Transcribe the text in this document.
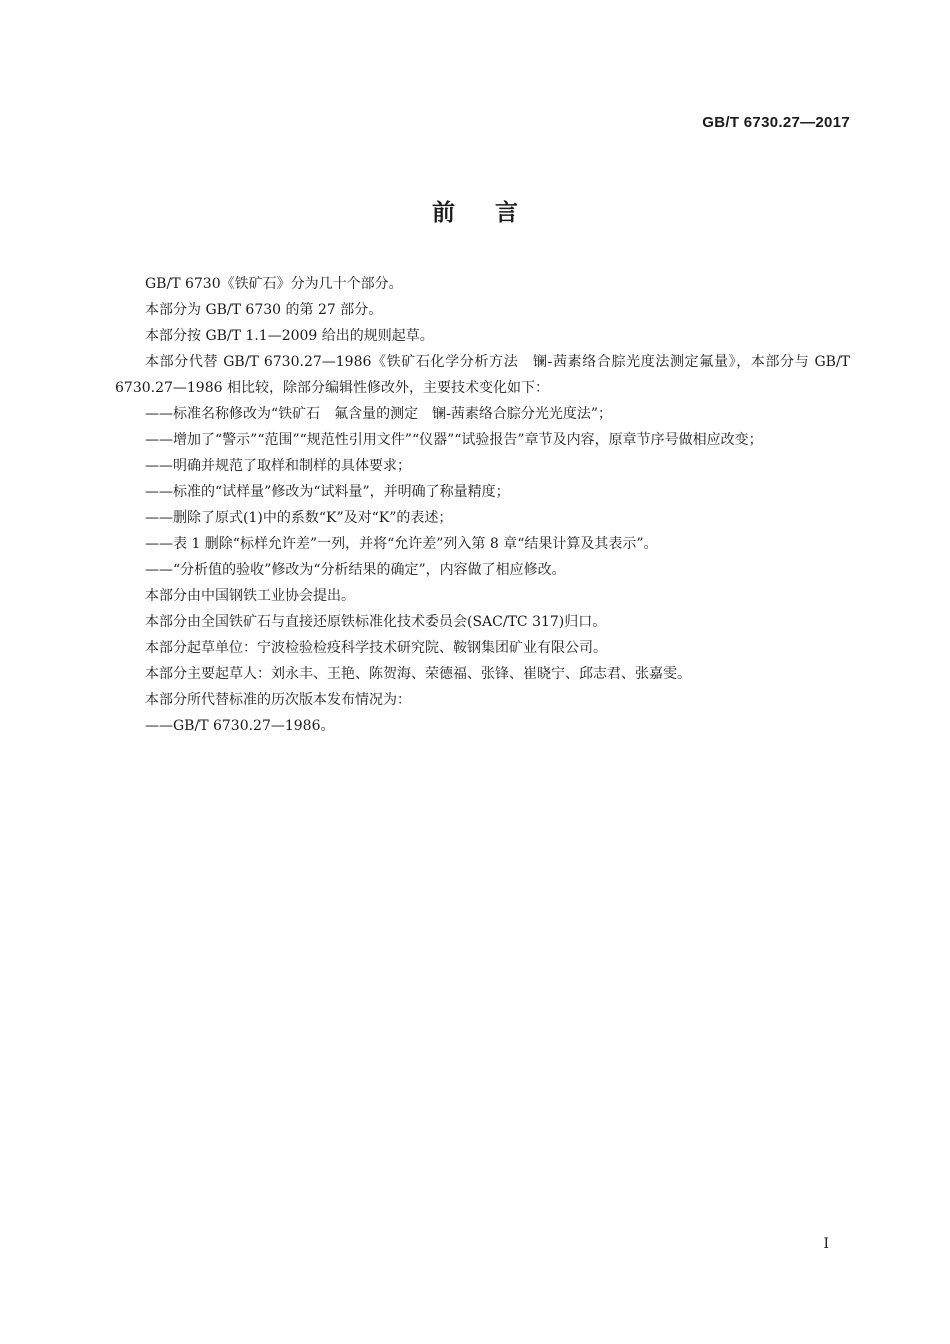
GB/T 6730.27—2017
前言

GB/T 6730《铁矿石》分为几十个部分。

本部分为 GB/T 6730 的第 27 部分。

本部分按 GB/T 1.1—2009 给出的规则起草。

本部分代替 GB/T 6730.27—1986《铁矿石化学分析方法　镧-茜素络合腙光度法测定氟量》，本部分与 GB/T 6730.27—1986 相比较，除部分编辑性修改外，主要技术变化如下：

——标准名称修改为“铁矿石　氟含量的测定　镧-茜素络合腙分光光度法”；

——增加了“警示”“范围”“规范性引用文件”“仪器”“试验报告”章节及内容，原章节序号做相应改变；

——明确并规范了取样和制样的具体要求；

——标准的“试样量”修改为“试料量”，并明确了称量精度；

——删除了原式(1)中的系数“K”及对“K”的表述；

——表 1 删除“标样允许差”一列，并将“允许差”列入第 8 章“结果计算及其表示”。

——“分析值的验收”修改为“分析结果的确定”，内容做了相应修改。

本部分由中国钢铁工业协会提出。

本部分由全国铁矿石与直接还原铁标准化技术委员会(SAC/TC 317)归口。

本部分起草单位：宁波检验检疫科学技术研究院、鞍钢集团矿业有限公司。

本部分主要起草人：刘永丰、王艳、陈贺海、荣德福、张锋、崔晓宁、邱志君、张嘉雯。

本部分所代替标准的历次版本发布情况为：

——GB/T 6730.27—1986。

I
